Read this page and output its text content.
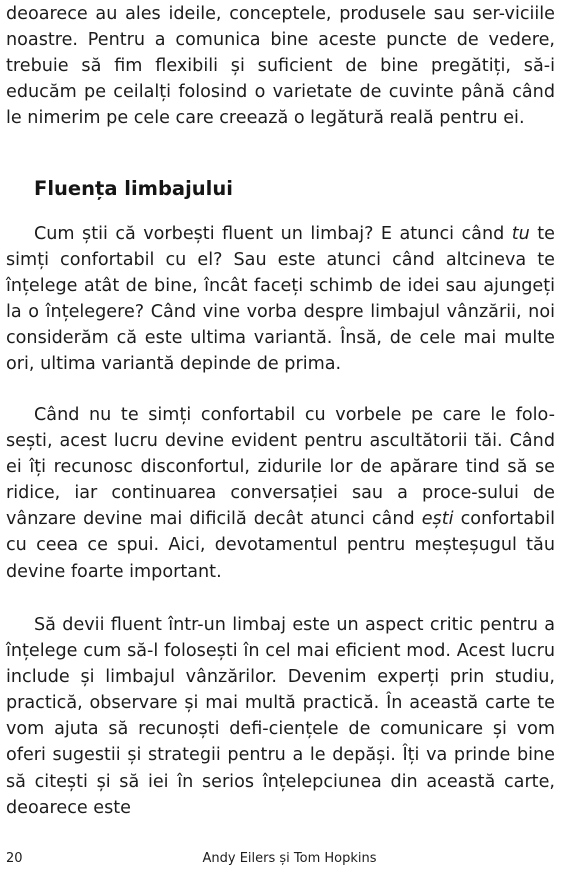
deoarece au ales ideile, conceptele, produsele sau ser-viciile noastre. Pentru a comunica bine aceste puncte de vedere, trebuie să fim flexibili și suficient de bine pregătiți, să-i educăm pe ceilalți folosind o varietate de cuvinte până când le nimerim pe cele care creează o legătură reală pentru ei.

Fluența limbajului

Cum știi că vorbești fluent un limbaj? E atunci când tu te simți confortabil cu el? Sau este atunci când altcineva te înțelege atât de bine, încât faceți schimb de idei sau ajungeți la o înțelegere? Când vine vorba despre limbajul vânzării, noi considerăm că este ultima variantă. Însă, de cele mai multe ori, ultima variantă depinde de prima.

Când nu te simți confortabil cu vorbele pe care le folo-sești, acest lucru devine evident pentru ascultătorii tăi. Când ei îți recunosc disconfortul, zidurile lor de apărare tind să se ridice, iar continuarea conversației sau a proce-sului de vânzare devine mai dificilă decât atunci când ești confortabil cu ceea ce spui. Aici, devotamentul pentru meșteșugul tău devine foarte important.

Să devii fluent într-un limbaj este un aspect critic pentru a înțelege cum să-l folosești în cel mai eficient mod. Acest lucru include și limbajul vânzărilor. Devenim experți prin studiu, practică, observare și mai multă practică. În această carte te vom ajuta să recunoști defi-ciențele de comunicare și vom oferi sugestii și strategii pentru a le depăși. Îți va prinde bine să citești și să iei în serios înțelepciunea din această carte, deoarece este

Andy Eilers și Tom Hopkins
20
